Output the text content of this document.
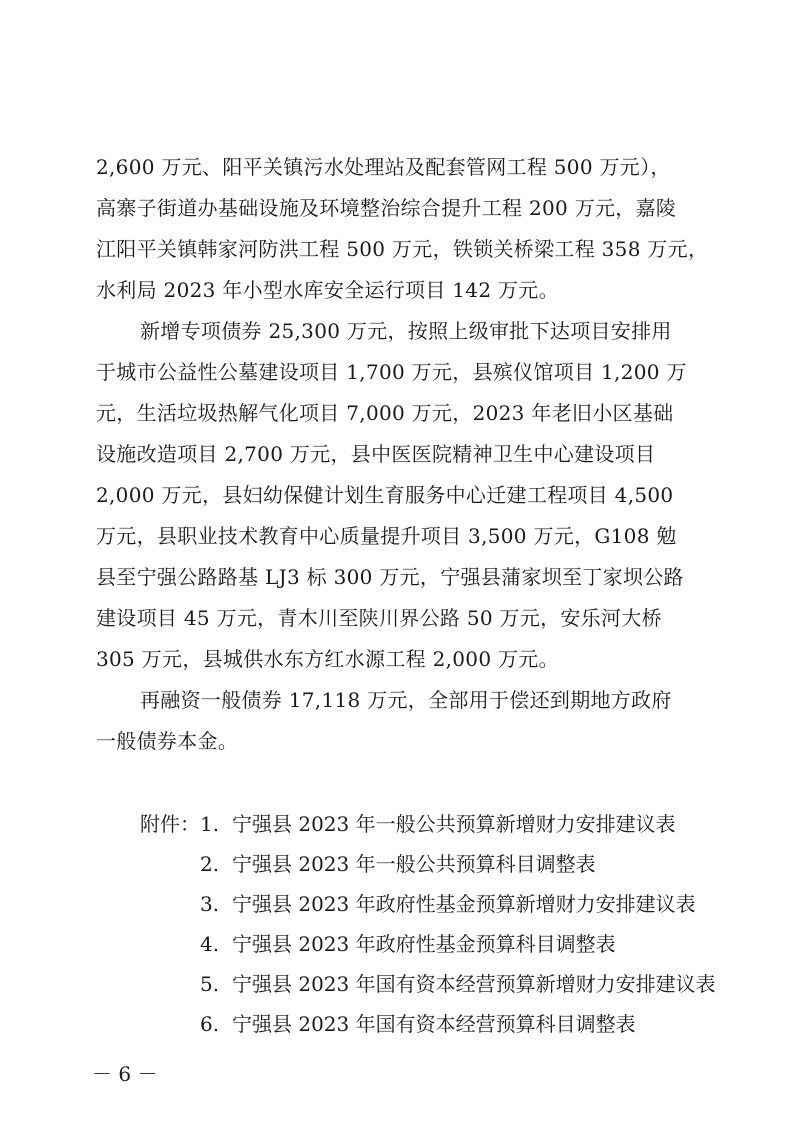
2,600 万元、阳平关镇污水处理站及配套管网工程 500 万元），
高寨子街道办基础设施及环境整治综合提升工程 200 万元，嘉陵
江阳平关镇韩家河防洪工程 500 万元，铁锁关桥梁工程 358 万元，
水利局 2023 年小型水库安全运行项目 142 万元。
新增专项债券 25,300 万元，按照上级审批下达项目安排用
于城市公益性公墓建设项目 1,700 万元，县殡仪馆项目 1,200 万
元，生活垃圾热解气化项目 7,000 万元，2023 年老旧小区基础
设施改造项目 2,700 万元，县中医医院精神卫生中心建设项目
2,000 万元，县妇幼保健计划生育服务中心迁建工程项目 4,500
万元，县职业技术教育中心质量提升项目 3,500 万元，G108 勉
县至宁强公路路基 LJ3 标 300 万元，宁强县蒲家坝至丁家坝公路
建设项目 45 万元，青木川至陕川界公路 50 万元，安乐河大桥
305 万元，县城供水东方红水源工程 2,000 万元。
再融资一般债券 17,118 万元，全部用于偿还到期地方政府
一般债券本金。
附件： 1. 宁强县 2023 年一般公共预算新增财力安排建议表
2. 宁强县 2023 年一般公共预算科目调整表
3. 宁强县 2023 年政府性基金预算新增财力安排建议表
4. 宁强县 2023 年政府性基金预算科目调整表
5. 宁强县 2023 年国有资本经营预算新增财力安排建议表
6. 宁强县 2023 年国有资本经营预算科目调整表
－ 6 －
